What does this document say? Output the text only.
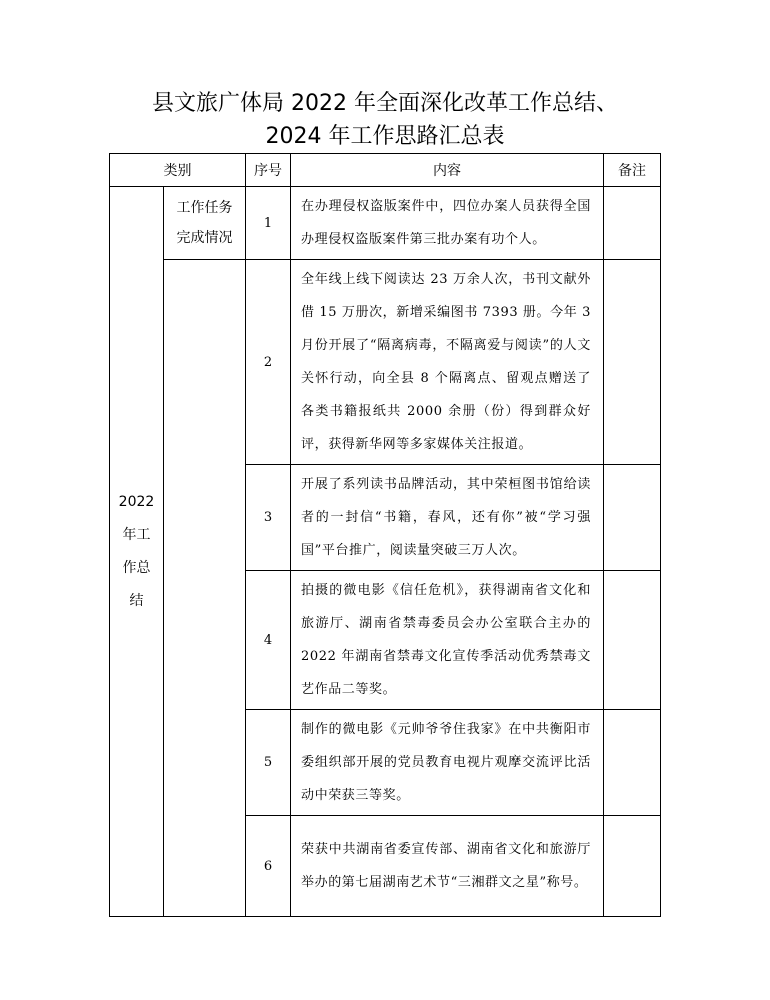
县文旅广体局 2022 年全面深化改革工作总结、
2024 年工作思路汇总表
类别		序号	内容	备注

2022 年工作总结	工作任务完成情况	1	在办理侵权盗版案件中，四位办案人员获得全国办理侵权盗版案件第三批办案有功个人。	
		2	全年线上线下阅读达 23 万余人次，书刊文献外借 15 万册次，新增采编图书 7393 册。今年 3 月份开展了“隔离病毒，不隔离爱与阅读”的人文关怀行动，向全县 8 个隔离点、留观点赠送了各类书籍报纸共 2000 余册（份）得到群众好评，获得新华网等多家媒体关注报道。	
		3	开展了系列读书品牌活动，其中荣桓图书馆给读者的一封信“书籍，春风，还有你”被“学习强国”平台推广，阅读量突破三万人次。	
		4	拍摄的微电影《信任危机》，获得湖南省文化和旅游厅、湖南省禁毒委员会办公室联合主办的 2022 年湖南省禁毒文化宣传季活动优秀禁毒文艺作品二等奖。	
		5	制作的微电影《元帅爷爷住我家》在中共衡阳市委组织部开展的党员教育电视片观摩交流评比活动中荣获三等奖。	
		6	荣获中共湖南省委宣传部、湖南省文化和旅游厅举办的第七届湖南艺术节“三湘群文之星”称号。	
